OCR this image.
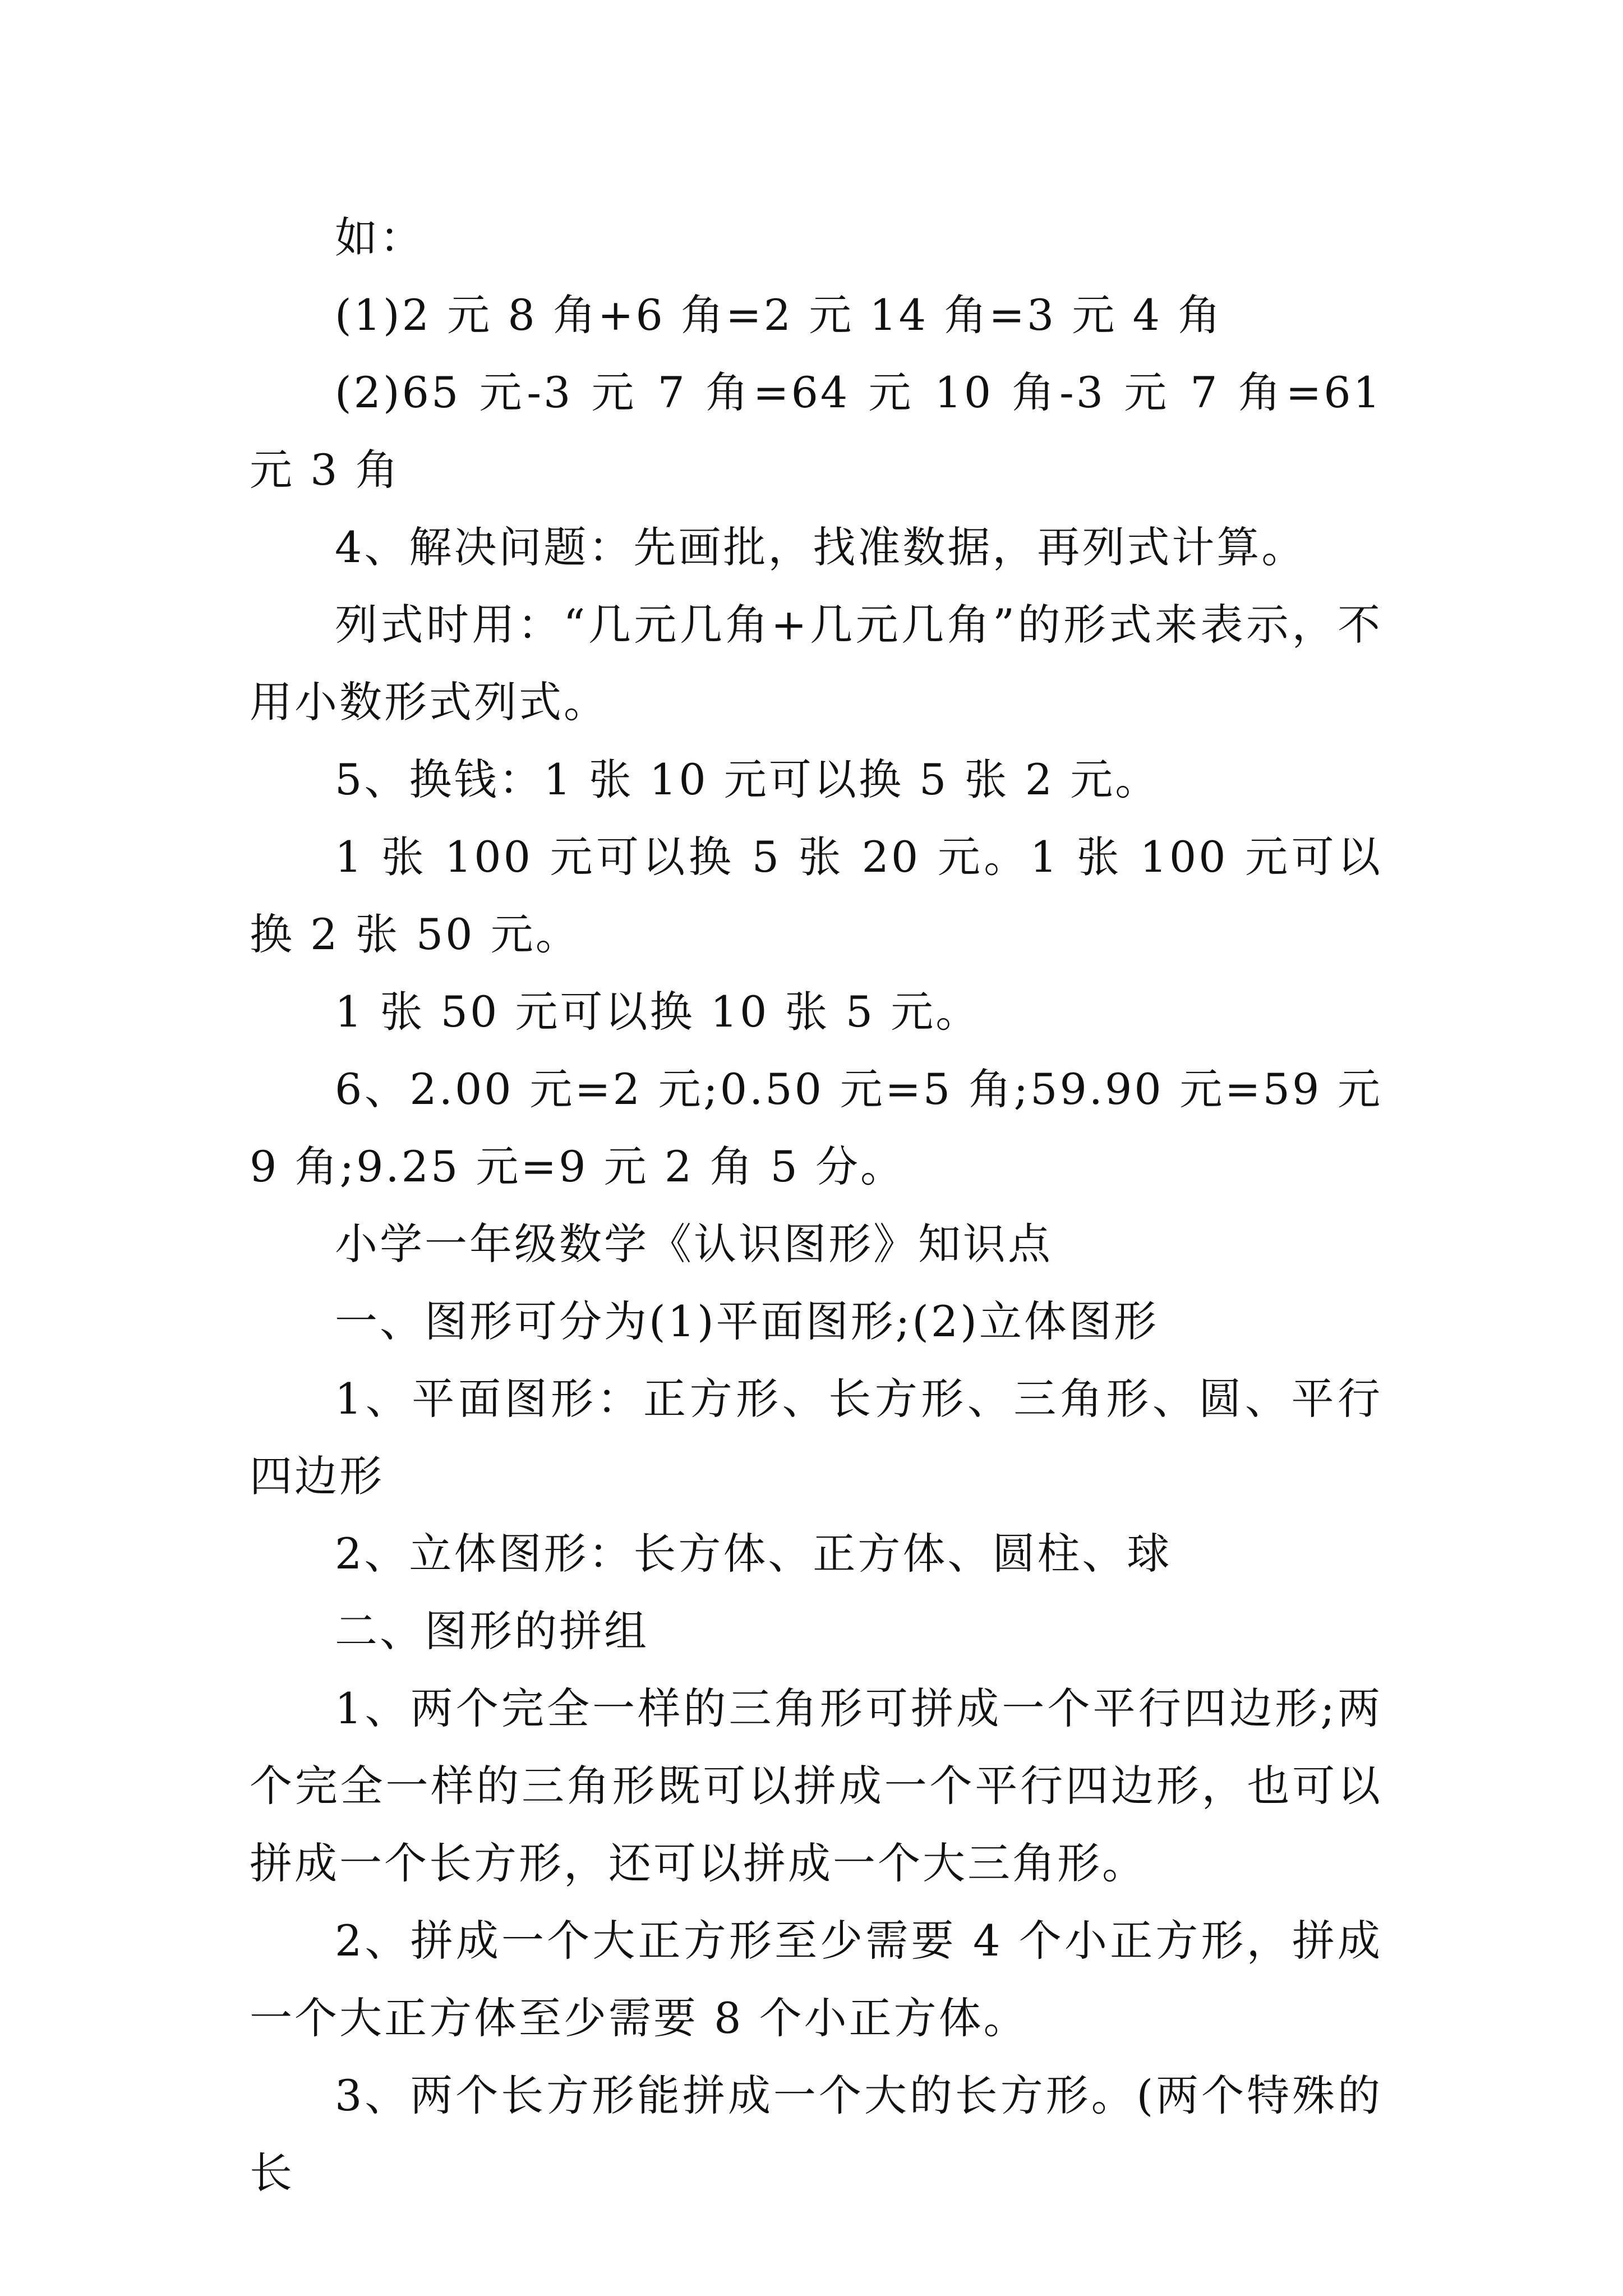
如：

(1)2 元 8 角+6 角=2 元 14 角=3 元 4 角

(2)65 元-3 元 7 角=64 元 10 角-3 元 7 角=61 元 3 角

4、解决问题：先画批，找准数据，再列式计算。

列式时用：“几元几角+几元几角”的形式来表示，不用小数形式列式。

5、换钱：1 张 10 元可以换 5 张 2 元。

1 张 100 元可以换 5 张 20 元。1 张 100 元可以换 2 张 50 元。

1 张 50 元可以换 10 张 5 元。

6、2.00 元=2 元;0.50 元=5 角;59.90 元=59 元 9 角;9.25 元=9 元 2 角 5 分。

小学一年级数学《认识图形》知识点

一、图形可分为(1)平面图形;(2)立体图形

1、平面图形：正方形、长方形、三角形、圆、平行四边形

2、立体图形：长方体、正方体、圆柱、球

二、图形的拼组

1、两个完全一样的三角形可拼成一个平行四边形;两个完全一样的三角形既可以拼成一个平行四边形，也可以拼成一个长方形，还可以拼成一个大三角形。

2、拼成一个大正方形至少需要 4 个小正方形，拼成一个大正方体至少需要 8 个小正方体。

3、两个长方形能拼成一个大的长方形。(两个特殊的长
